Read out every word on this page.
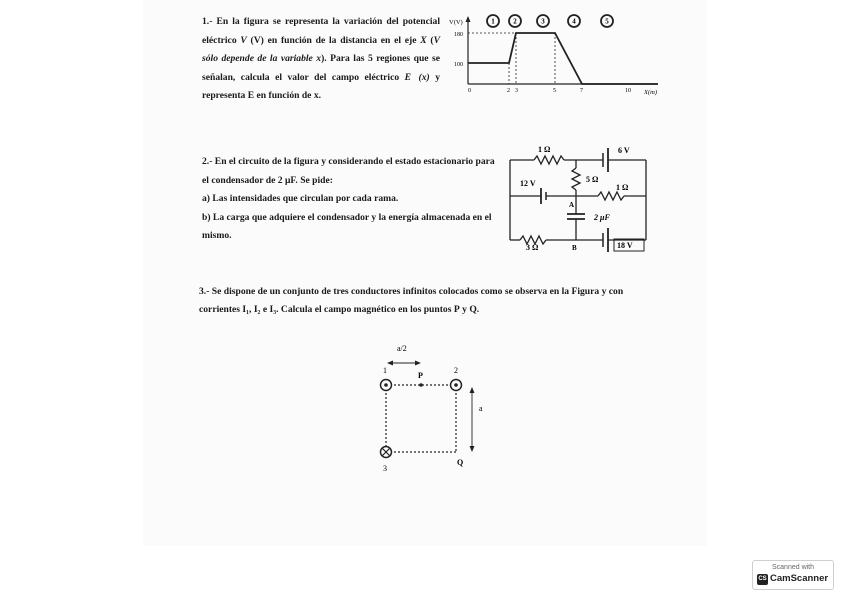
1.- En la figura se representa la variación del potencial eléctrico V (V) en función de la distancia en el eje X (V sólo depende de la variable x). Para las 5 regiones que se señalan, calcula el valor del campo eléctrico E⃗(x) y representa E en función de x.

1	2	3	4	5
V(V)
X(m)
180
100
0	2 3	5	7	10

2.- En el circuito de la figura y considerando el estado estacionario para el condensador de 2 μF. Se pide:

a) Las intensidades que circulan por cada rama.

b) La carga que adquiere el condensador y la energía almacenada en el mismo.

1 Ω	6 V
12 V	5 Ω
1 Ω
A
2 μF
3 Ω	B	18 V

3.- Se dispone de un conjunto de tres conductores infinitos colocados como se observa en la Figura y con corrientes I₁, I₂ e I₃. Calcula el campo magnético en los puntos P y Q.

a/2
1	2
3
P
Q
a
Scanned with
CS CamScanner
